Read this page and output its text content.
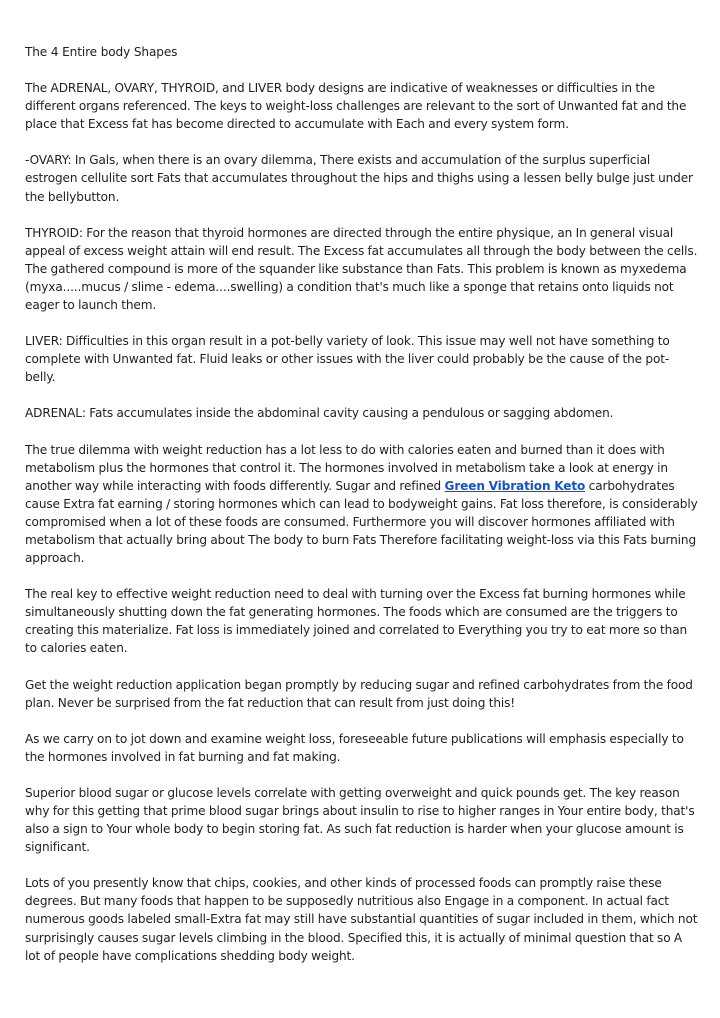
The 4 Entire body Shapes

The ADRENAL, OVARY, THYROID, and LIVER body designs are indicative of weaknesses or difficulties in the different organs referenced. The keys to weight-loss challenges are relevant to the sort of Unwanted fat and the place that Excess fat has become directed to accumulate with Each and every system form.

-OVARY: In Gals, when there is an ovary dilemma, There exists and accumulation of the surplus superficial estrogen cellulite sort Fats that accumulates throughout the hips and thighs using a lessen belly bulge just under the bellybutton.

THYROID: For the reason that thyroid hormones are directed through the entire physique, an In general visual appeal of excess weight attain will end result. The Excess fat accumulates all through the body between the cells. The gathered compound is more of the squander like substance than Fats. This problem is known as myxedema (myxa.....mucus / slime - edema....swelling) a condition that's much like a sponge that retains onto liquids not eager to launch them.

LIVER: Difficulties in this organ result in a pot-belly variety of look. This issue may well not have something to complete with Unwanted fat. Fluid leaks or other issues with the liver could probably be the cause of the pot-belly.

ADRENAL: Fats accumulates inside the abdominal cavity causing a pendulous or sagging abdomen.

The true dilemma with weight reduction has a lot less to do with calories eaten and burned than it does with metabolism plus the hormones that control it. The hormones involved in metabolism take a look at energy in another way while interacting with foods differently. Sugar and refined Green Vibration Keto carbohydrates cause Extra fat earning / storing hormones which can lead to bodyweight gains. Fat loss therefore, is considerably compromised when a lot of these foods are consumed. Furthermore you will discover hormones affiliated with metabolism that actually bring about The body to burn Fats Therefore facilitating weight-loss via this Fats burning approach.

The real key to effective weight reduction need to deal with turning over the Excess fat burning hormones while simultaneously shutting down the fat generating hormones. The foods which are consumed are the triggers to creating this materialize. Fat loss is immediately joined and correlated to Everything you try to eat more so than to calories eaten.

Get the weight reduction application began promptly by reducing sugar and refined carbohydrates from the food plan. Never be surprised from the fat reduction that can result from just doing this!

As we carry on to jot down and examine weight loss, foreseeable future publications will emphasis especially to the hormones involved in fat burning and fat making.

Superior blood sugar or glucose levels correlate with getting overweight and quick pounds get. The key reason why for this getting that prime blood sugar brings about insulin to rise to higher ranges in Your entire body, that's also a sign to Your whole body to begin storing fat. As such fat reduction is harder when your glucose amount is significant.

Lots of you presently know that chips, cookies, and other kinds of processed foods can promptly raise these degrees. But many foods that happen to be supposedly nutritious also Engage in a component. In actual fact numerous goods labeled small-Extra fat may still have substantial quantities of sugar included in them, which not surprisingly causes sugar levels climbing in the blood. Specified this, it is actually of minimal question that so A lot of people have complications shedding body weight.
